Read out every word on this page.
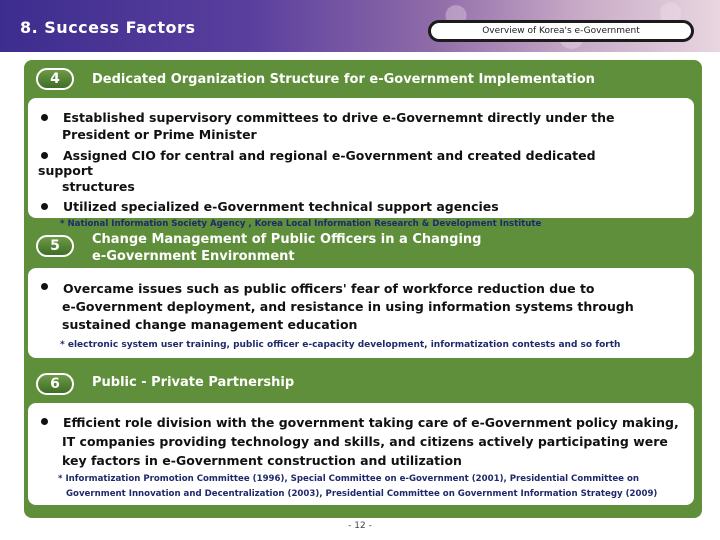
8. Success Factors	Overview of Korea's e-Government
4	Dedicated Organization Structure for e-Government Implementation
Established supervisory committees to drive e-Governemnt directly under the
President or Prime Minister
Assigned CIO for central and regional e-Government and created dedicated
support
structures
Utilized specialized e-Government technical support agencies
* National Information Society Agency , Korea Local Information Research & Development Institute
5	Change Management of Public Officers in a Changing
e-Government Environment
Overcame issues such as public officers' fear of workforce reduction due to
e-Government deployment, and resistance in using information systems through
sustained change management education
* electronic system user training, public officer e-capacity development, informatization contests and so forth
6	Public - Private Partnership
Efficient role division with the government taking care of e-Government policy making,
IT companies providing technology and skills, and citizens actively participating were
key factors in e-Government construction and utilization
* Informatization Promotion Committee (1996), Special Committee on e-Government (2001), Presidential Committee on
Government Innovation and Decentralization (2003), Presidential Committee on Government Information Strategy (2009)
- 12 -
